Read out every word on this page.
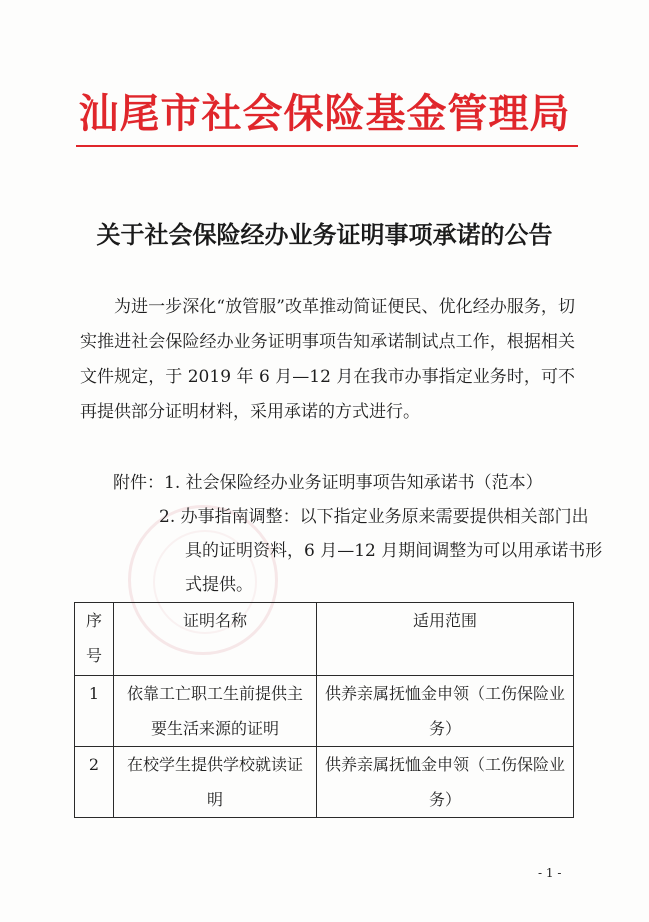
汕尾市社会保险基金管理局
关于社会保险经办业务证明事项承诺的公告
为进一步深化“放管服”改革推动简证便民、优化经办服务，切实推进社会保险经办业务证明事项告知承诺制试点工作，根据相关文件规定，于 2019 年 6 月—12 月在我市办事指定业务时，可不再提供部分证明材料，采用承诺的方式进行。
附件：1. 社会保险经办业务证明事项告知承诺书（范本）
2. 办事指南调整：以下指定业务原来需要提供相关部门出具的证明资料，6 月—12 月期间调整为可以用承诺书形式提供。
序号	证明名称	适用范围
1	依靠工亡职工生前提供主要生活来源的证明	供养亲属抚恤金申领（工伤保险业务）
2	在校学生提供学校就读证明	供养亲属抚恤金申领（工伤保险业务）
- 1 -
